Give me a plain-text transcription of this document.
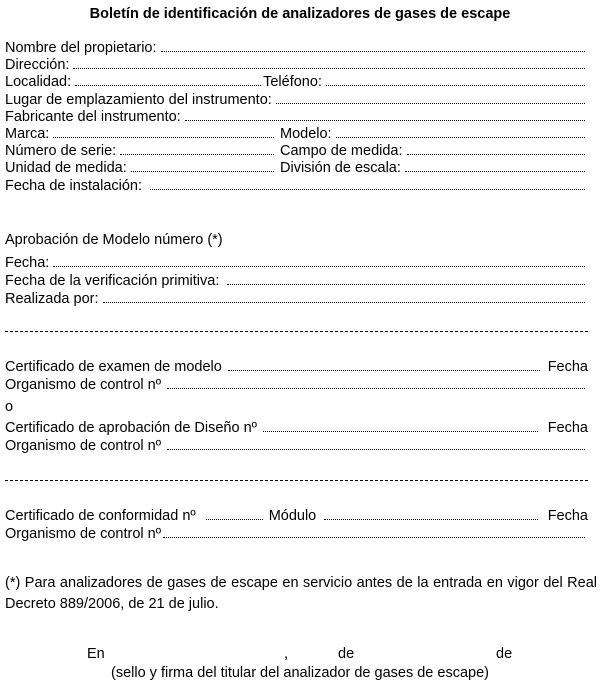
Boletín de identificación de analizadores de gases de escape
Nombre del propietario:
Dirección:
Localidad:	Teléfono:
Lugar de emplazamiento del instrumento:
Fabricante del instrumento:
Marca:	Modelo:
Número de serie:	Campo de medida:
Unidad de medida:	División de escala:
Fecha de instalación:
Aprobación de Modelo número (*)
Fecha:
Fecha de la verificación primitiva:
Realizada por:
Certificado de examen de modelo	Fecha
Organismo de control nº
o
Certificado de aprobación de Diseño nº	Fecha
Organismo de control nº
Certificado de conformidad nº	Módulo	Fecha
Organismo de control nº
(*) Para analizadores de gases de escape en servicio antes de la entrada en vigor del Real Decreto 889/2006, de 21 de julio.
En	,	de	de
(sello y firma del titular del analizador de gases de escape)
